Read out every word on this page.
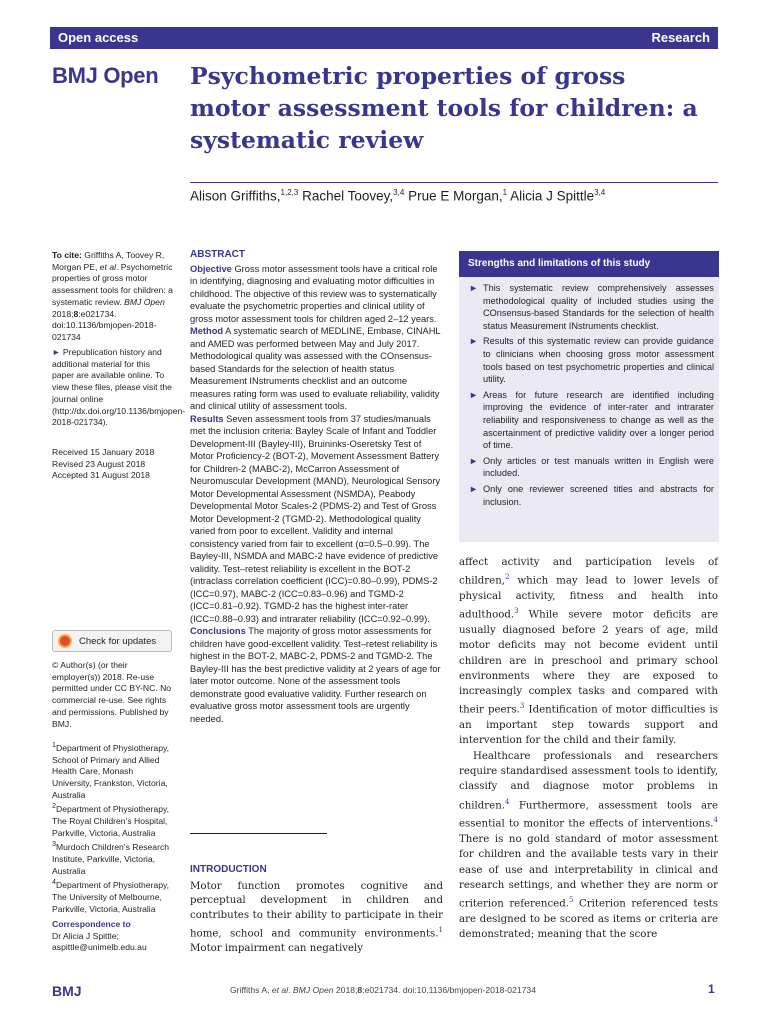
Open access	Research
BMJ Open Psychometric properties of gross motor assessment tools for children: a systematic review
Alison Griffiths,$^{1,2,3}$ Rachel Toovey,$^{3,4}$ Prue E Morgan,$^1$ Alicia J Spittle$^{3,4}$
To cite: Griffiths A, Toovey R, Morgan PE, et al. Psychometric properties of gross motor assessment tools for children: a systematic review. BMJ Open 2018;8:e021734. doi:10.1136/bmjopen-2018-021734
► Prepublication history and additional material for this paper are available online. To view these files, please visit the journal online (http://dx.doi.org/10.1136/bmjopen-2018-021734).
Received 15 January 2018
Revised 23 August 2018
Accepted 31 August 2018
Check for updates
© Author(s) (or their employer(s)) 2018. Re-use permitted under CC BY-NC. No commercial re-use. See rights and permissions. Published by BMJ.
$^1$Department of Physiotherapy, School of Primary and Allied Health Care, Monash University, Frankston, Victoria, Australia
$^2$Department of Physiotherapy, The Royal Children’s Hospital, Parkville, Victoria, Australia
$^3$Murdoch Children’s Research Institute, Parkville, Victoria, Australia
$^4$Department of Physiotherapy, The University of Melbourne, Parkville, Victoria, Australia
Correspondence to
Dr Alicia J Spittle;
aspittle@unimelb.edu.au
ABSTRACT

Objective Gross motor assessment tools have a critical role in identifying, diagnosing and evaluating motor difficulties in childhood. The objective of this review was to systematically evaluate the psychometric properties and clinical utility of gross motor assessment tools for children aged 2–12 years.

Method A systematic search of MEDLINE, Embase, CINAHL and AMED was performed between May and July 2017. Methodological quality was assessed with the COnsensus-based Standards for the selection of health status Measurement INstruments checklist and an outcome measures rating form was used to evaluate reliability, validity and clinical utility of assessment tools.

Results Seven assessment tools from 37 studies/manuals met the inclusion criteria: Bayley Scale of Infant and Toddler Development-III (Bayley-III), Bruininks-Oseretsky Test of Motor Proficiency-2 (BOT-2), Movement Assessment Battery for Children-2 (MABC-2), McCarron Assessment of Neuromuscular Development (MAND), Neurological Sensory Motor Developmental Assessment (NSMDA), Peabody Developmental Motor Scales-2 (PDMS-2) and Test of Gross Motor Development-2 (TGMD-2). Methodological quality varied from poor to excellent. Validity and internal consistency varied from fair to excellent (α=0.5–0.99). The Bayley-III, NSMDA and MABC-2 have evidence of predictive validity. Test–retest reliability is excellent in the BOT-2 (intraclass correlation coefficient (ICC)=0.80–0.99), PDMS-2 (ICC=0.97), MABC-2 (ICC=0.83–0.96) and TGMD-2 (ICC=0.81–0.92). TGMD-2 has the highest inter-rater (ICC=0.88–0.93) and intrarater reliability (ICC=0.92–0.99).

Conclusions The majority of gross motor assessments for children have good-excellent validity. Test–retest reliability is highest in the BOT-2, MABC-2, PDMS-2 and TGMD-2. The Bayley-III has the best predictive validity at 2 years of age for later motor outcome. None of the assessment tools demonstrate good evaluative validity. Further research on evaluative gross motor assessment tools are urgently needed.

INTRODUCTION
Motor function promotes cognitive and perceptual development in children and contributes to their ability to participate in their home, school and community environments.$^1$ Motor impairment can negatively
Strengths and limitations of this study
► This systematic review comprehensively assesses methodological quality of included studies using the COnsensus-based Standards for the selection of health status Measurement INstruments checklist.
► Results of this systematic review can provide guidance to clinicians when choosing gross motor assessment tools based on test psychometric properties and clinical utility.
► Areas for future research are identified including improving the evidence of inter-rater and intrarater reliability and responsiveness to change as well as the ascertainment of predictive validity over a longer period of time.
► Only articles or test manuals written in English were included.
► Only one reviewer screened titles and abstracts for inclusion.

affect activity and participation levels of children,$^2$ which may lead to lower levels of physical activity, fitness and health into adulthood.$^3$ While severe motor deficits are usually diagnosed before 2 years of age, mild motor deficits may not become evident until children are in preschool and primary school environments where they are exposed to increasingly complex tasks and compared with their peers.$^3$ Identification of motor difficulties is an important step towards support and intervention for the child and their family.

Healthcare professionals and researchers require standardised assessment tools to identify, classify and diagnose motor problems in children.$^4$ Furthermore, assessment tools are essential to monitor the effects of interventions.$^4$ There is no gold standard of motor assessment for children and the available tests vary in their ease of use and interpretability in clinical and research settings, and whether they are norm or criterion referenced.$^5$ Criterion referenced tests are designed to be scored as items or criteria are demonstrated; meaning that the score

BMJ	Griffiths A, et al. BMJ Open 2018;8:e021734. doi:10.1136/bmjopen-2018-021734	1
